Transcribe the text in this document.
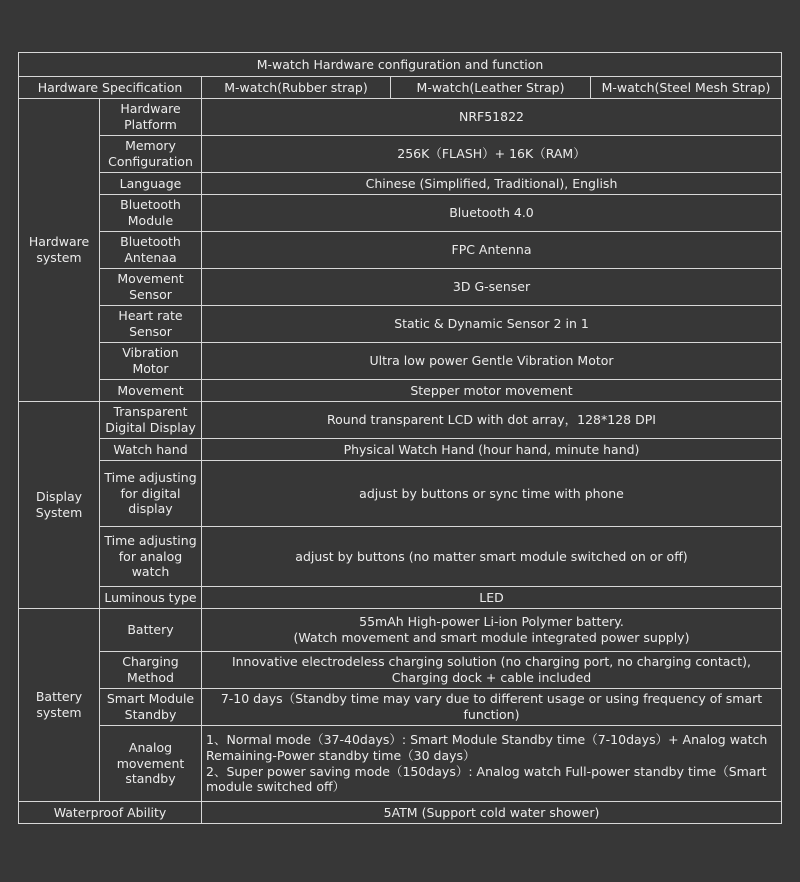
M-watch Hardware configuration and function				
Hardware Specification		M-watch(Rubber strap)	M-watch(Leather Strap)	M-watch(Steel Mesh Strap)
Hardware system	Hardware Platform	NRF51822		
	Memory Configuration	256K（FLASH）+ 16K（RAM）		
	Language	Chinese (Simplified, Traditional), English		
	Bluetooth Module	Bluetooth 4.0		
	Bluetooth Antenaa	FPC Antenna		
	Movement Sensor	3D G-senser		
	Heart rate Sensor	Static & Dynamic Sensor 2 in 1		
	Vibration Motor	Ultra low power Gentle Vibration Motor		
	Movement	Stepper motor movement		
Display System	Transparent Digital Display	Round transparent LCD with dot array，128*128 DPI		
	Watch hand	Physical Watch Hand (hour hand, minute hand)		
	Time adjusting for digital display	adjust by buttons or sync time with phone		
	Time adjusting for analog watch	adjust by buttons (no matter smart module switched on or off)		
	Luminous type	LED		
Battery system	Battery	55mAh High-power Li-ion Polymer battery.
(Watch movement and smart module integrated power supply)		
	Charging Method	Innovative electrodeless charging solution (no charging port, no charging contact),
Charging dock + cable included		
	Smart Module Standby	7-10 days（Standby time may vary due to different usage or using frequency of smart function)		
	Analog movement standby	1、Normal mode（37-40days）: Smart Module Standby time（7-10days）+ Analog watch Remaining-Power standby time（30 days）
2、Super power saving mode（150days）: Analog watch Full-power standby time（Smart module switched off）		
Waterproof Ability		5ATM (Support cold water shower)		
